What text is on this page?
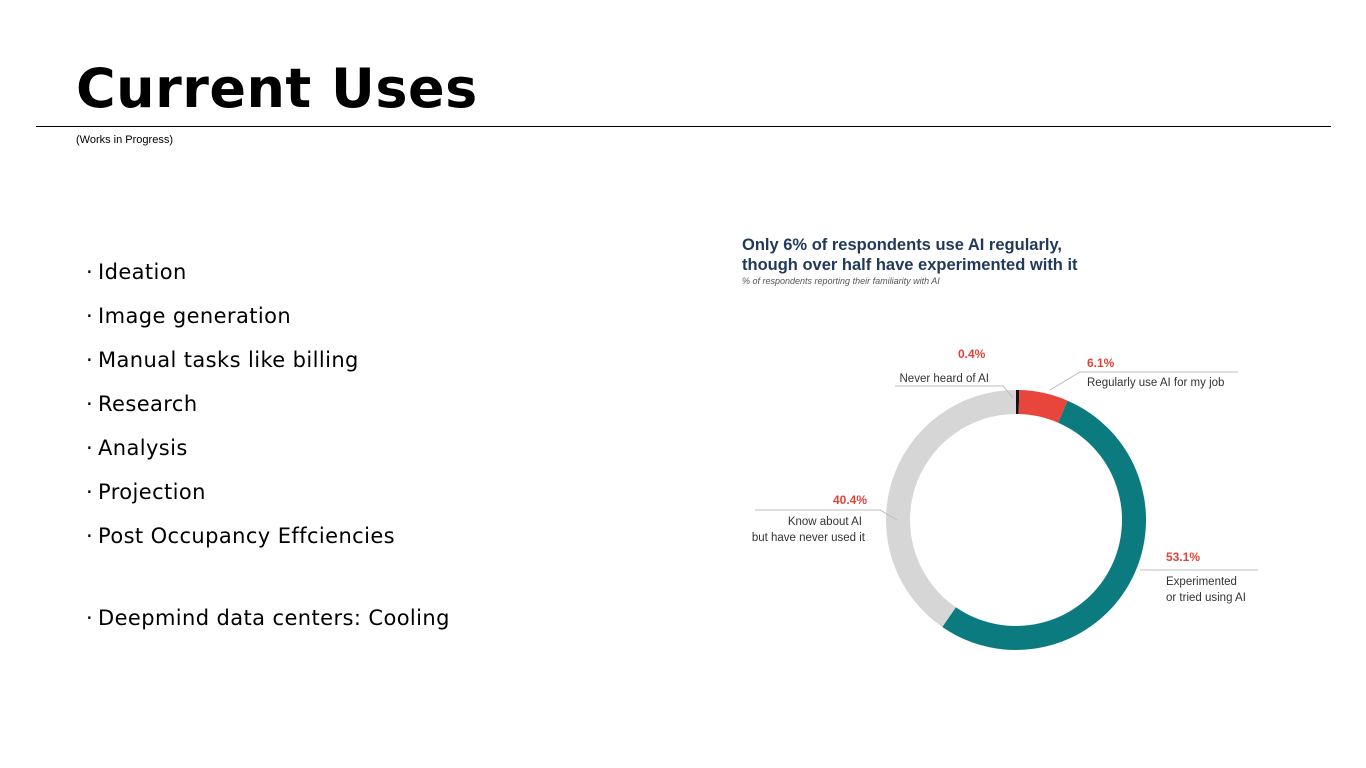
Current Uses
(Works in Progress)
· Ideation
· Image generation
· Manual tasks like billing
· Research
· Analysis
· Projection
· Post Occupancy Effciencies
· Deepmind data centers: Cooling
Only 6% of respondents use AI regularly,
though over half have experimented with it
% of respondents reporting their familiarity with AI
0.4%
Never heard of AI
6.1%
Regularly use AI for my job
53.1%
Experimented
or tried using AI
40.4%
Know about AI
but have never used it
